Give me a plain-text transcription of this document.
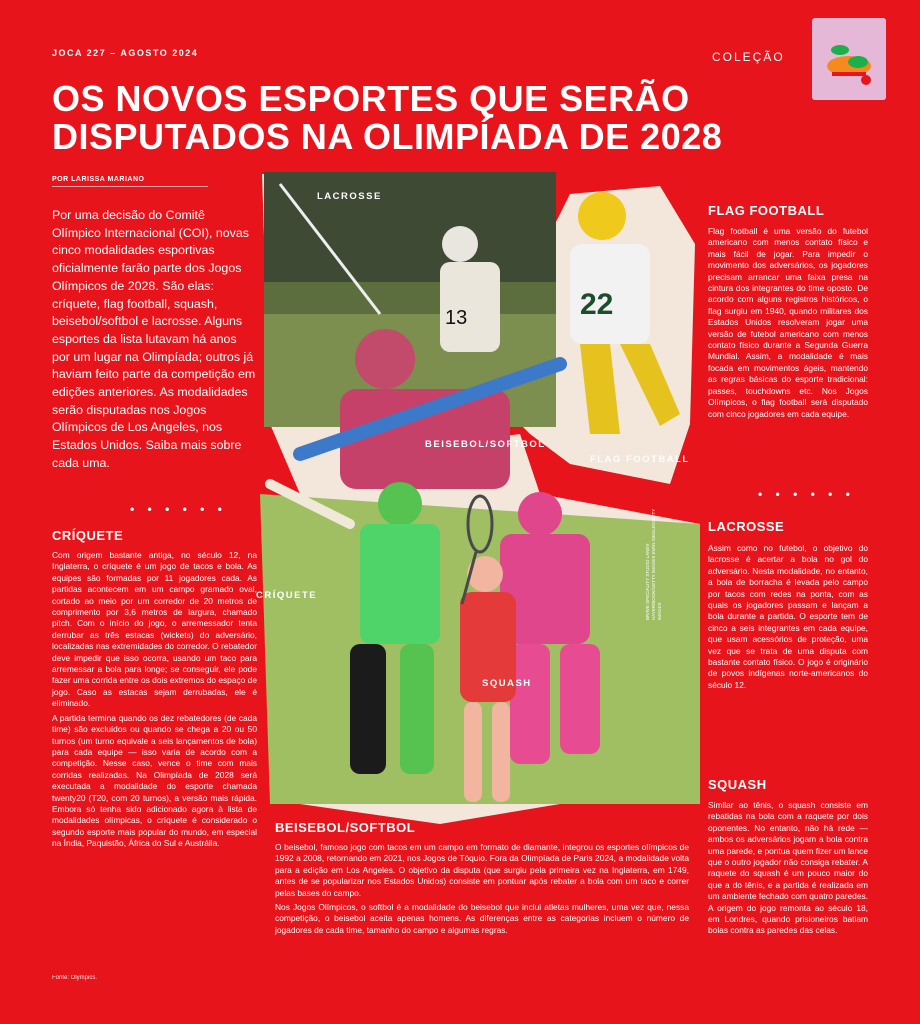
JOCA 227 – AGOSTO 2024	COLEÇÃO
OS NOVOS ESPORTES QUE SERÃO DISPUTADOS NA OLIMPÍADA DE 2028
POR LARISSA MARIANO

Por uma decisão do Comitê Olímpico Internacional (COI), novas cinco modalidades esportivas oficialmente farão parte dos Jogos Olímpicos de 2028. São elas: críquete, flag football, squash, beisebol/softbol e lacrosse. Alguns esportes da lista lutavam há anos por um lugar na Olimpíada; outros já haviam feito parte da competição em edições anteriores. As modalidades serão disputadas nos Jogos Olímpicos de Los Angeles, nos Estados Unidos. Saiba mais sobre cada uma.

• • • • • •
CRÍQUETE

Com origem bastante antiga, no século 12, na Inglaterra, o críquete é um jogo de tacos e bola. As equipes são formadas por 11 jogadores cada. As partidas acontecem em um campo gramado oval, cortado ao meio por um corredor de 20 metros de comprimento por 3,6 metros de largura, chamado pitch. Com o início do jogo, o arremessador tenta derrubar as três estacas (wickets) do adversário, localizadas nas extremidades do corredor. O rebatedor deve impedir que isso ocorra, usando um taco para arremessar a bola para longe; se conseguir, ele pode fazer uma corrida entre os dois extremos do espaço de jogo. Caso as estacas sejam derrubadas, ele é eliminado.

A partida termina quando os dez rebatedores (de cada time) são excluídos ou quando se chega a 20 ou 50 turnos (um turno equivale a seis lançamentos de bola) para cada equipe — isso varia de acordo com a competição. Nesse caso, vence o time com mais corridas realizadas. Na Olimpíada de 2028 será executada a modalidade do esporte chamada twenty20 (T20, com 20 turnos), a versão mais rápida. Embora só tenha sido adicionado agora à lista de modalidades olímpicas, o críquete é considerado o segundo esporte mais popular do mundo, em especial na Índia, Paquistão, África do Sul e Austrália.

Fonte: Olympics.
13	22
LACROSSE
BEISEBOL/SOFTBOL
FLAG FOOTBALL
CRÍQUETE
SQUASH
BRAVE SPECIALITY STUDIO LANEV HAYER/BOOK/GETTY IMAGES EVAN SIEGLE/GETTY IMAGES
FLAG FOOTBALL

Flag football é uma versão do futebol americano com menos contato físico e mais fácil de jogar. Para impedir o movimento dos adversários, os jogadores precisam arrancar uma faixa presa na cintura dos integrantes do time oposto. De acordo com alguns registros históricos, o flag surgiu em 1940, quando militares dos Estados Unidos resolveram jogar uma versão de futebol americano com menos contato físico durante a Segunda Guerra Mundial. Assim, a modalidade é mais focada em movimentos ágeis, mantendo as regras básicas do esporte tradicional: passes, touchdowns etc. Nos Jogos Olímpicos, o flag football será disputado com cinco jogadores em cada equipe.

• • • • • •
LACROSSE

Assim como no futebol, o objetivo do lacrosse é acertar a bola no gol do adversário. Nesta modalidade, no entanto, a bola de borracha é levada pelo campo por tacos com redes na ponta, com as quais os jogadores passam e lançam a bola durante a partida. O esporte tem de cinco a seis integrantes em cada equipe, que usam acessórios de proteção, uma vez que se trata de uma disputa com bastante contato físico. O jogo é originário de povos indígenas norte-americanos do século 12.

SQUASH

Similar ao tênis, o squash consiste em rebatidas na bola com a raquete por dois oponentes. No entanto, não há rede — ambos os adversários jogam a bola contra uma parede, e pontua quem fizer um lance que o outro jogador não consiga rebater. A raquete do squash é um pouco maior do que a do tênis, e a partida é realizada em um ambiente fechado com quatro paredes. A origem do jogo remonta ao século 18, em Londres, quando prisioneiros batiam bolas contra as paredes das celas.

BEISEBOL/SOFTBOL

O beisebol, famoso jogo com tacos em um campo em formato de diamante, integrou os esportes olímpicos de 1992 a 2008, retornando em 2021, nos Jogos de Tóquio. Fora da Olimpíada de Paris 2024, a modalidade volta para a edição em Los Angeles. O objetivo da disputa (que surgiu pela primeira vez na Inglaterra, em 1749, antes de se popularizar nos Estados Unidos) consiste em pontuar após rebater a bola com um taco e correr pelas bases do campo.

Nos Jogos Olímpicos, o softbol é a modalidade do beisebol que inclui atletas mulheres, uma vez que, nessa competição, o beisebol aceita apenas homens. As diferenças entre as categorias incluem o número de jogadores de cada time, tamanho do campo e algumas regras.
